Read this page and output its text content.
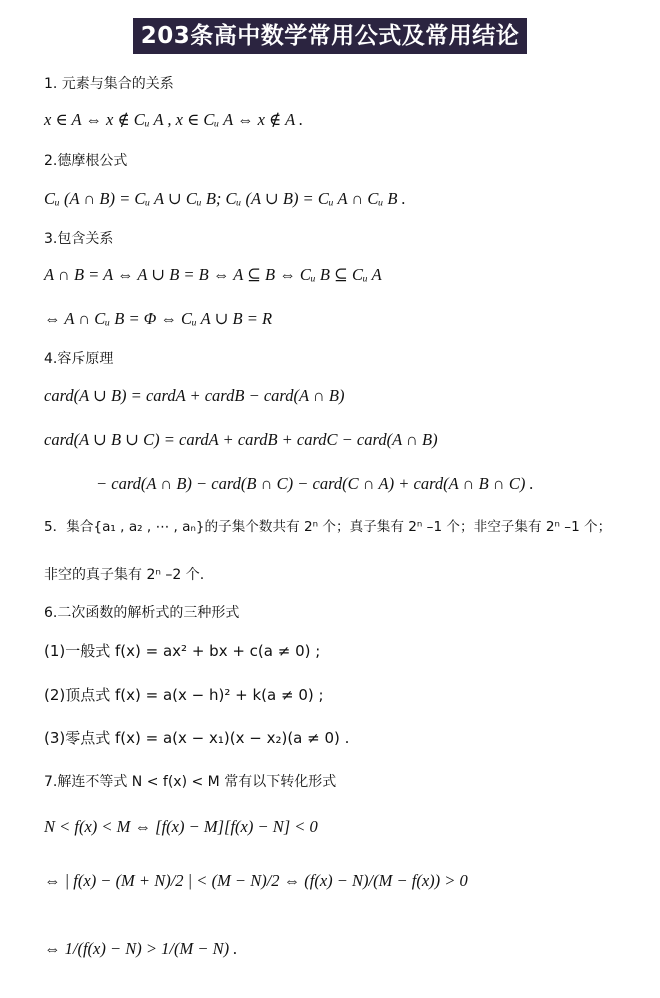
203条高中数学常用公式及常用结论
1. 元素与集合的关系
x ∈ A ⇔ x ∉ Cᵤ A , x ∈ Cᵤ A ⇔ x ∉ A .
2.德摩根公式
Cᵤ (A ∩ B) = Cᵤ A ∪ Cᵤ B; Cᵤ (A ∪ B) = Cᵤ A ∩ Cᵤ B .
3.包含关系
A ∩ B = A ⇔ A ∪ B = B ⇔ A ⊆ B ⇔ Cᵤ B ⊆ Cᵤ A
⇔ A ∩ Cᵤ B = Φ ⇔ Cᵤ A ∪ B = R
4.容斥原理
card(A ∪ B) = cardA + cardB − card(A ∩ B)
card(A ∪ B ∪ C) = cardA + cardB + cardC − card(A ∩ B)
− card(A ∩ B) − card(B ∩ C) − card(C ∩ A) + card(A ∩ B ∩ C) .
5．集合{a₁ , a₂ , ⋯ , aₙ}的子集个数共有 2ⁿ 个；真子集有 2ⁿ –1 个；非空子集有 2ⁿ –1 个；
非空的真子集有 2ⁿ –2 个.
6.二次函数的解析式的三种形式
(1)一般式 f(x) = ax² + bx + c(a ≠ 0) ;
(2)顶点式 f(x) = a(x − h)² + k(a ≠ 0) ;
(3)零点式 f(x) = a(x − x₁)(x − x₂)(a ≠ 0) .
7.解连不等式 N < f(x) < M 常有以下转化形式
N < f(x) < M ⇔ [f(x) − M][f(x) − N] < 0
⇔ | f(x) − (M + N)/2 | < (M − N)/2 ⇔ (f(x) − N)/(M − f(x)) > 0
⇔ 1/(f(x) − N) > 1/(M − N) .
